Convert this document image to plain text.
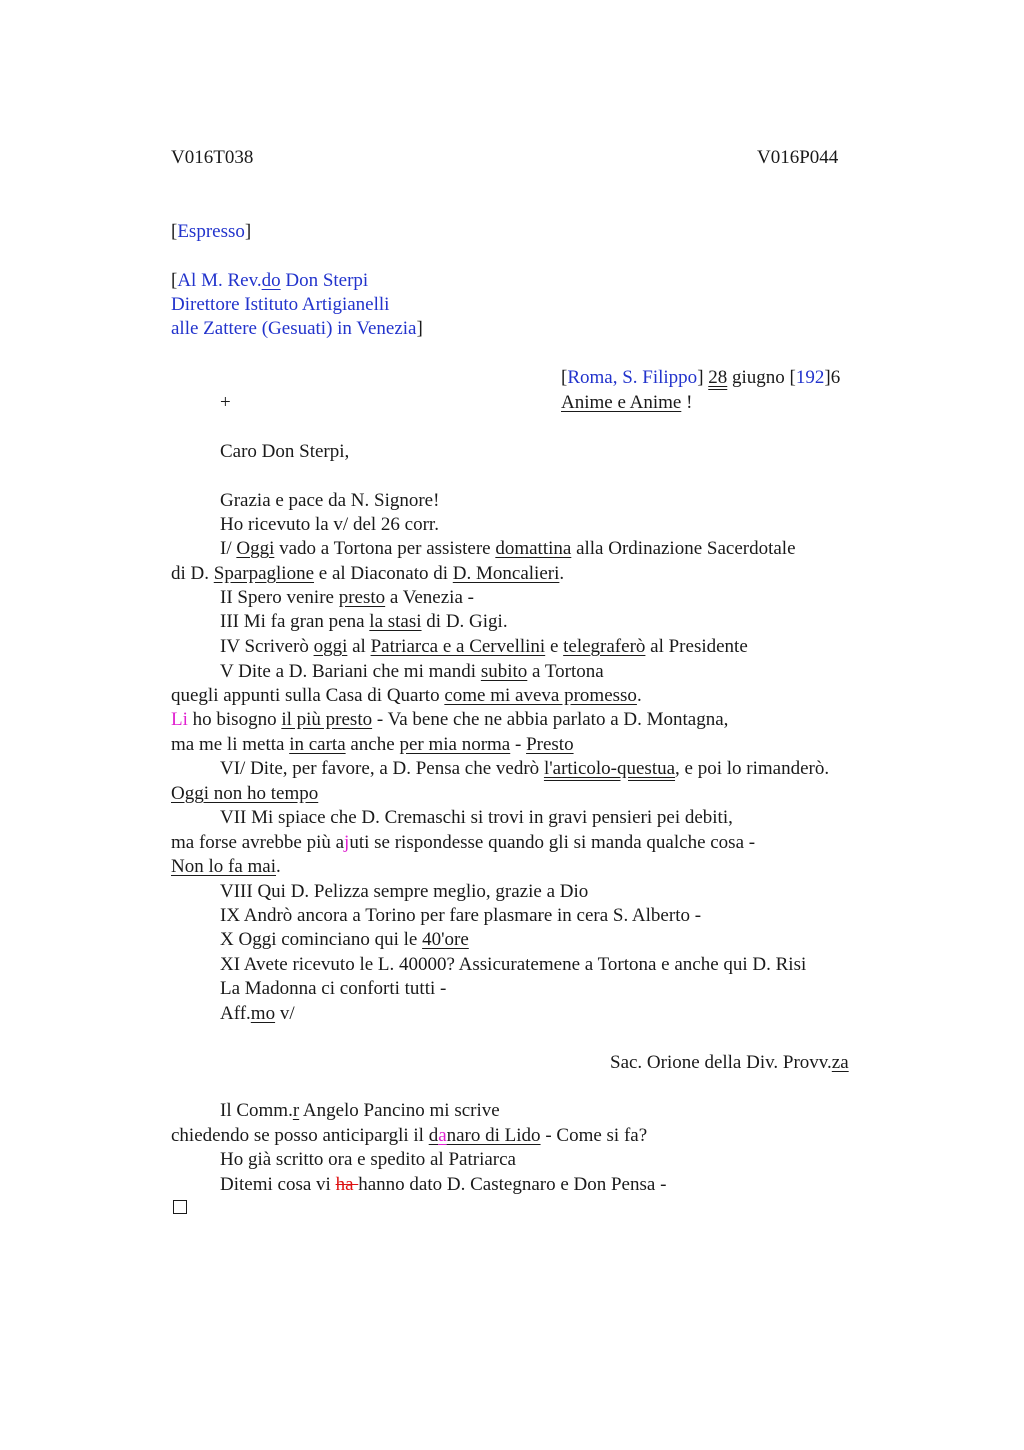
V016T038	V016P044
[Espresso]
[Al M. Rev.do Don Sterpi
Direttore Istituto Artigianelli
alle Zattere (Gesuati) in Venezia]
[Roma, S. Filippo] 28 giugno [192]6
+	Anime e Anime !
Caro Don Sterpi,
Grazia e pace da N. Signore!
Ho ricevuto la v/ del 26 corr.
I/ Oggi vado a Tortona per assistere domattina alla Ordinazione Sacerdotale
di D. Sparpaglione e al Diaconato di D. Moncalieri.
II Spero venire presto a Venezia -
III Mi fa gran pena la stasi di D. Gigi.
IV Scriverò oggi al Patriarca e a Cervellini e telegraferò al Presidente
V Dite a D. Bariani che mi mandi subito a Tortona
quegli appunti sulla Casa di Quarto come mi aveva promesso.
Li ho bisogno il più presto - Va bene che ne abbia parlato a D. Montagna,
ma me li metta in carta anche per mia norma - Presto
VI/ Dite, per favore, a D. Pensa che vedrò l'articolo-questua, e poi lo rimanderò.
Oggi non ho tempo
VII Mi spiace che D. Cremaschi si trovi in gravi pensieri pei debiti,
ma forse avrebbe più ajuti se rispondesse quando gli si manda qualche cosa -
Non lo fa mai.
VIII Qui D. Pelizza sempre meglio, grazie a Dio
IX Andrò ancora a Torino per fare plasmare in cera S. Alberto -
X Oggi cominciano qui le 40'ore
XI Avete ricevuto le L. 40000? Assicuratemene a Tortona e anche qui D. Risi
La Madonna ci conforti tutti -
Aff.mo v/
Sac. Orione della Div. Provv.za
Il Comm.r Angelo Pancino mi scrive
chiedendo se posso anticipargli il danaro di Lido - Come si fa?
Ho già scritto ora e spedito al Patriarca
Ditemi cosa vi ha hanno dato D. Castegnaro e Don Pensa -
